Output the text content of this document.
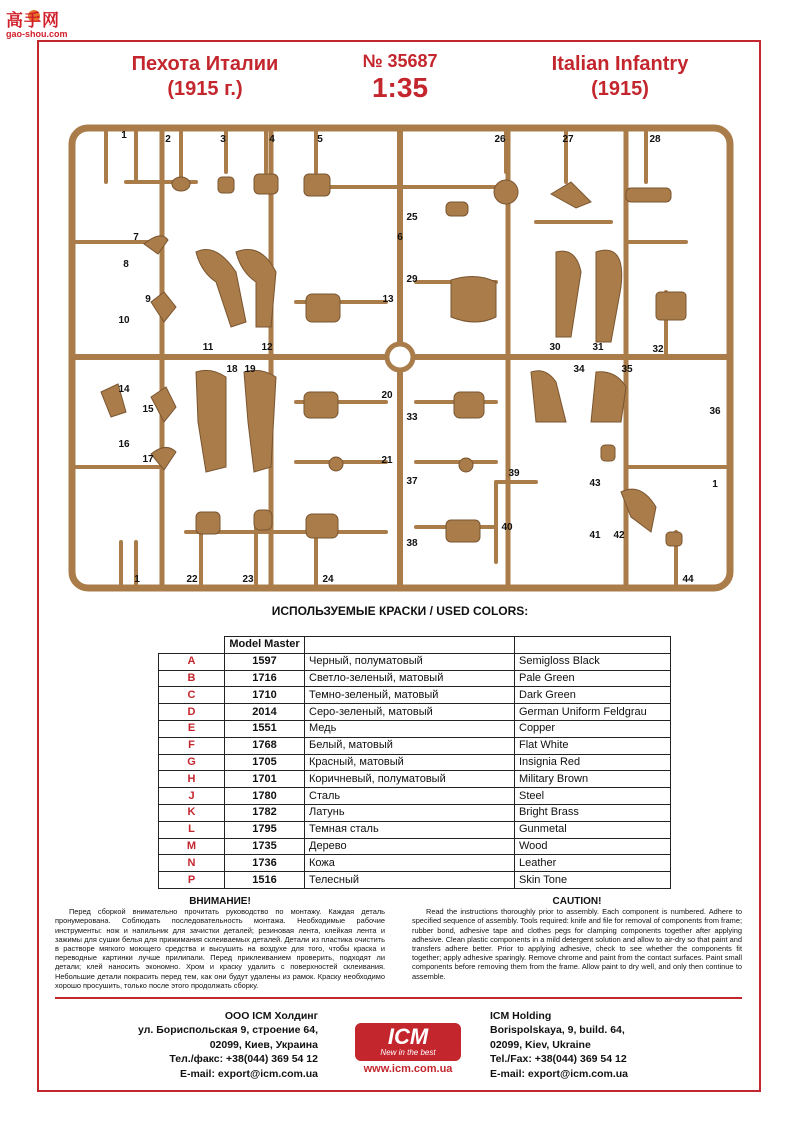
高手网
gao-shou.com
Пехота Италии
(1915 г.)
№ 35687
1:35
Italian Infantry
(1915)
1	2	3	4	5
6
7
8
9
10
11	12
13
14
15
16
17
18 19
20
21
22	23	24
25
26	27	28
29
30	31	32
33
34	35
36
37
38
39
40
41 42
43
44
1
1
ИСПОЛЬЗУЕМЫЕ КРАСКИ / USED COLORS:
	Model Master		
A	1597	Черный, полуматовый	Semigloss Black
B	1716	Светло-зеленый, матовый	Pale Green
C	1710	Темно-зеленый, матовый	Dark Green
D	2014	Серо-зеленый, матовый	German Uniform Feldgrau
E	1551	Медь	Copper
F	1768	Белый, матовый	Flat White
G	1705	Красный, матовый	Insignia Red
H	1701	Коричневый, полуматовый	Military Brown
J	1780	Сталь	Steel
K	1782	Латунь	Bright Brass
L	1795	Темная сталь	Gunmetal
M	1735	Дерево	Wood
N	1736	Кожа	Leather
P	1516	Телесный	Skin Tone
ВНИМАНИЕ!

Перед сборкой внимательно прочитать руководство по монтажу. Каждая деталь пронумерована. Соблюдать последовательность монтажа. Необходимые рабочие инструменты: нож и напильник для зачистки деталей; резиновая лента, клейкая лента и зажимы для сушки белья для прижимания склеиваемых деталей. Детали из пластика очистить в растворе мягкого моющего средства и высушить на воздухе для того, чтобы краска и переводные картинки лучше прилипали. Перед приклеиванием проверить, подходят ли детали; клей наносить экономно. Хром и краску удалить с поверхностей склеивания. Небольшие детали покрасить перед тем, как они будут удалены из рамок. Краску необходимо хорошо просушить, только после этого продолжать сборку.

CAUTION!

Read the instructions thoroughly prior to assembly. Each component is numbered. Adhere to specified sequence of assembly. Tools required: knife and file for removal of components from frame; rubber bond, adhesive tape and clothes pegs for clamping components together after applying adhesive. Clean plastic components in a mild detergent solution and allow to air-dry so that paint and transfers adhere better. Prior to applying adhesive, check to see whether the components fit together; apply adhesive sparingly. Remove chrome and paint from the contact surfaces. Paint small components before removing them from the frame. Allow paint to dry well, and only then continue to assemble.

ООО ICM Холдинг
ул. Бориспольская 9, строение 64,
02099, Киев, Украина
Тел./факс: +38(044) 369 54 12
E-mail: export@icm.com.ua
ICM
New in the best
www.icm.com.ua
ICM Holding
Borispolskaya, 9, build. 64,
02099, Kiev, Ukraine
Tel./Fax: +38(044) 369 54 12
E-mail: export@icm.com.ua
